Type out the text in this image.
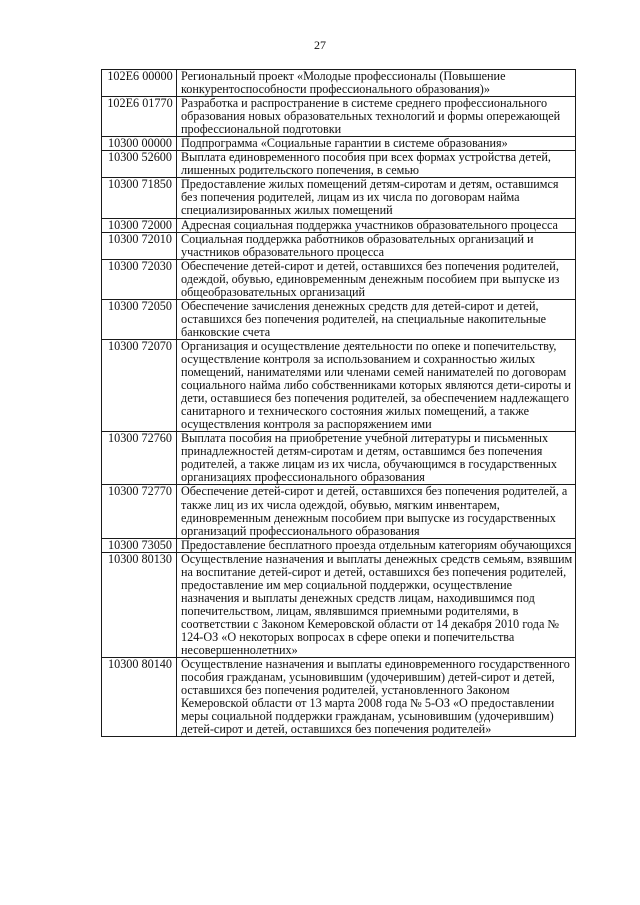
27
102E6 00000	Региональный проект «Молодые профессионалы (Повышение конкурентоспособности профессионального образования)»
102E6 01770	Разработка и распространение в системе среднего профессионального образования новых образовательных технологий и формы опережающей профессиональной подготовки
10300 00000	Подпрограмма «Социальные гарантии в системе образования»
10300 52600	Выплата единовременного пособия при всех формах устройства детей, лишенных родительского попечения, в семью
10300 71850	Предоставление жилых помещений детям-сиротам и детям, оставшимся без попечения родителей, лицам из их числа по договорам найма специализированных жилых помещений
10300 72000	Адресная социальная поддержка участников образовательного процесса
10300 72010	Социальная поддержка работников образовательных организаций и участников образовательного процесса
10300 72030	Обеспечение детей-сирот и детей, оставшихся без попечения родителей, одеждой, обувью, единовременным денежным пособием при выпуске из общеобразовательных организаций
10300 72050	Обеспечение зачисления денежных средств для детей-сирот и детей, оставшихся без попечения родителей, на специальные накопительные банковские счета
10300 72070	Организация и осуществление деятельности по опеке и попечительству, осуществление контроля за использованием и сохранностью жилых помещений, нанимателями или членами семей нанимателей по договорам социального найма либо собственниками которых являются дети-сироты и дети, оставшиеся без попечения родителей, за обеспечением надлежащего санитарного и технического состояния жилых помещений, а также осуществления контроля за распоряжением ими
10300 72760	Выплата пособия на приобретение учебной литературы и письменных принадлежностей детям-сиротам и детям, оставшимся без попечения родителей, а также лицам из их числа, обучающимся в государственных организациях профессионального образования
10300 72770	Обеспечение детей-сирот и детей, оставшихся без попечения родителей, а также лиц из их числа одеждой, обувью, мягким инвентарем, единовременным денежным пособием при выпуске из государственных организаций профессионального образования
10300 73050	Предоставление бесплатного проезда отдельным категориям обучающихся
10300 80130	Осуществление назначения и выплаты денежных средств семьям, взявшим на воспитание детей-сирот и детей, оставшихся без попечения родителей, предоставление им мер социальной поддержки, осуществление назначения и выплаты денежных средств лицам, находившимся под попечительством, лицам, являвшимся приемными родителями, в соответствии с Законом Кемеровской области от 14 декабря 2010 года № 124-ОЗ «О некоторых вопросах в сфере опеки и попечительства несовершеннолетних»
10300 80140	Осуществление назначения и выплаты единовременного государственного пособия гражданам, усыновившим (удочерившим) детей-сирот и детей, оставшихся без попечения родителей, установленного Законом Кемеровской области от 13 марта 2008 года № 5-ОЗ «О предоставлении меры социальной поддержки гражданам, усыновившим (удочерившим) детей-сирот и детей, оставшихся без попечения родителей»
